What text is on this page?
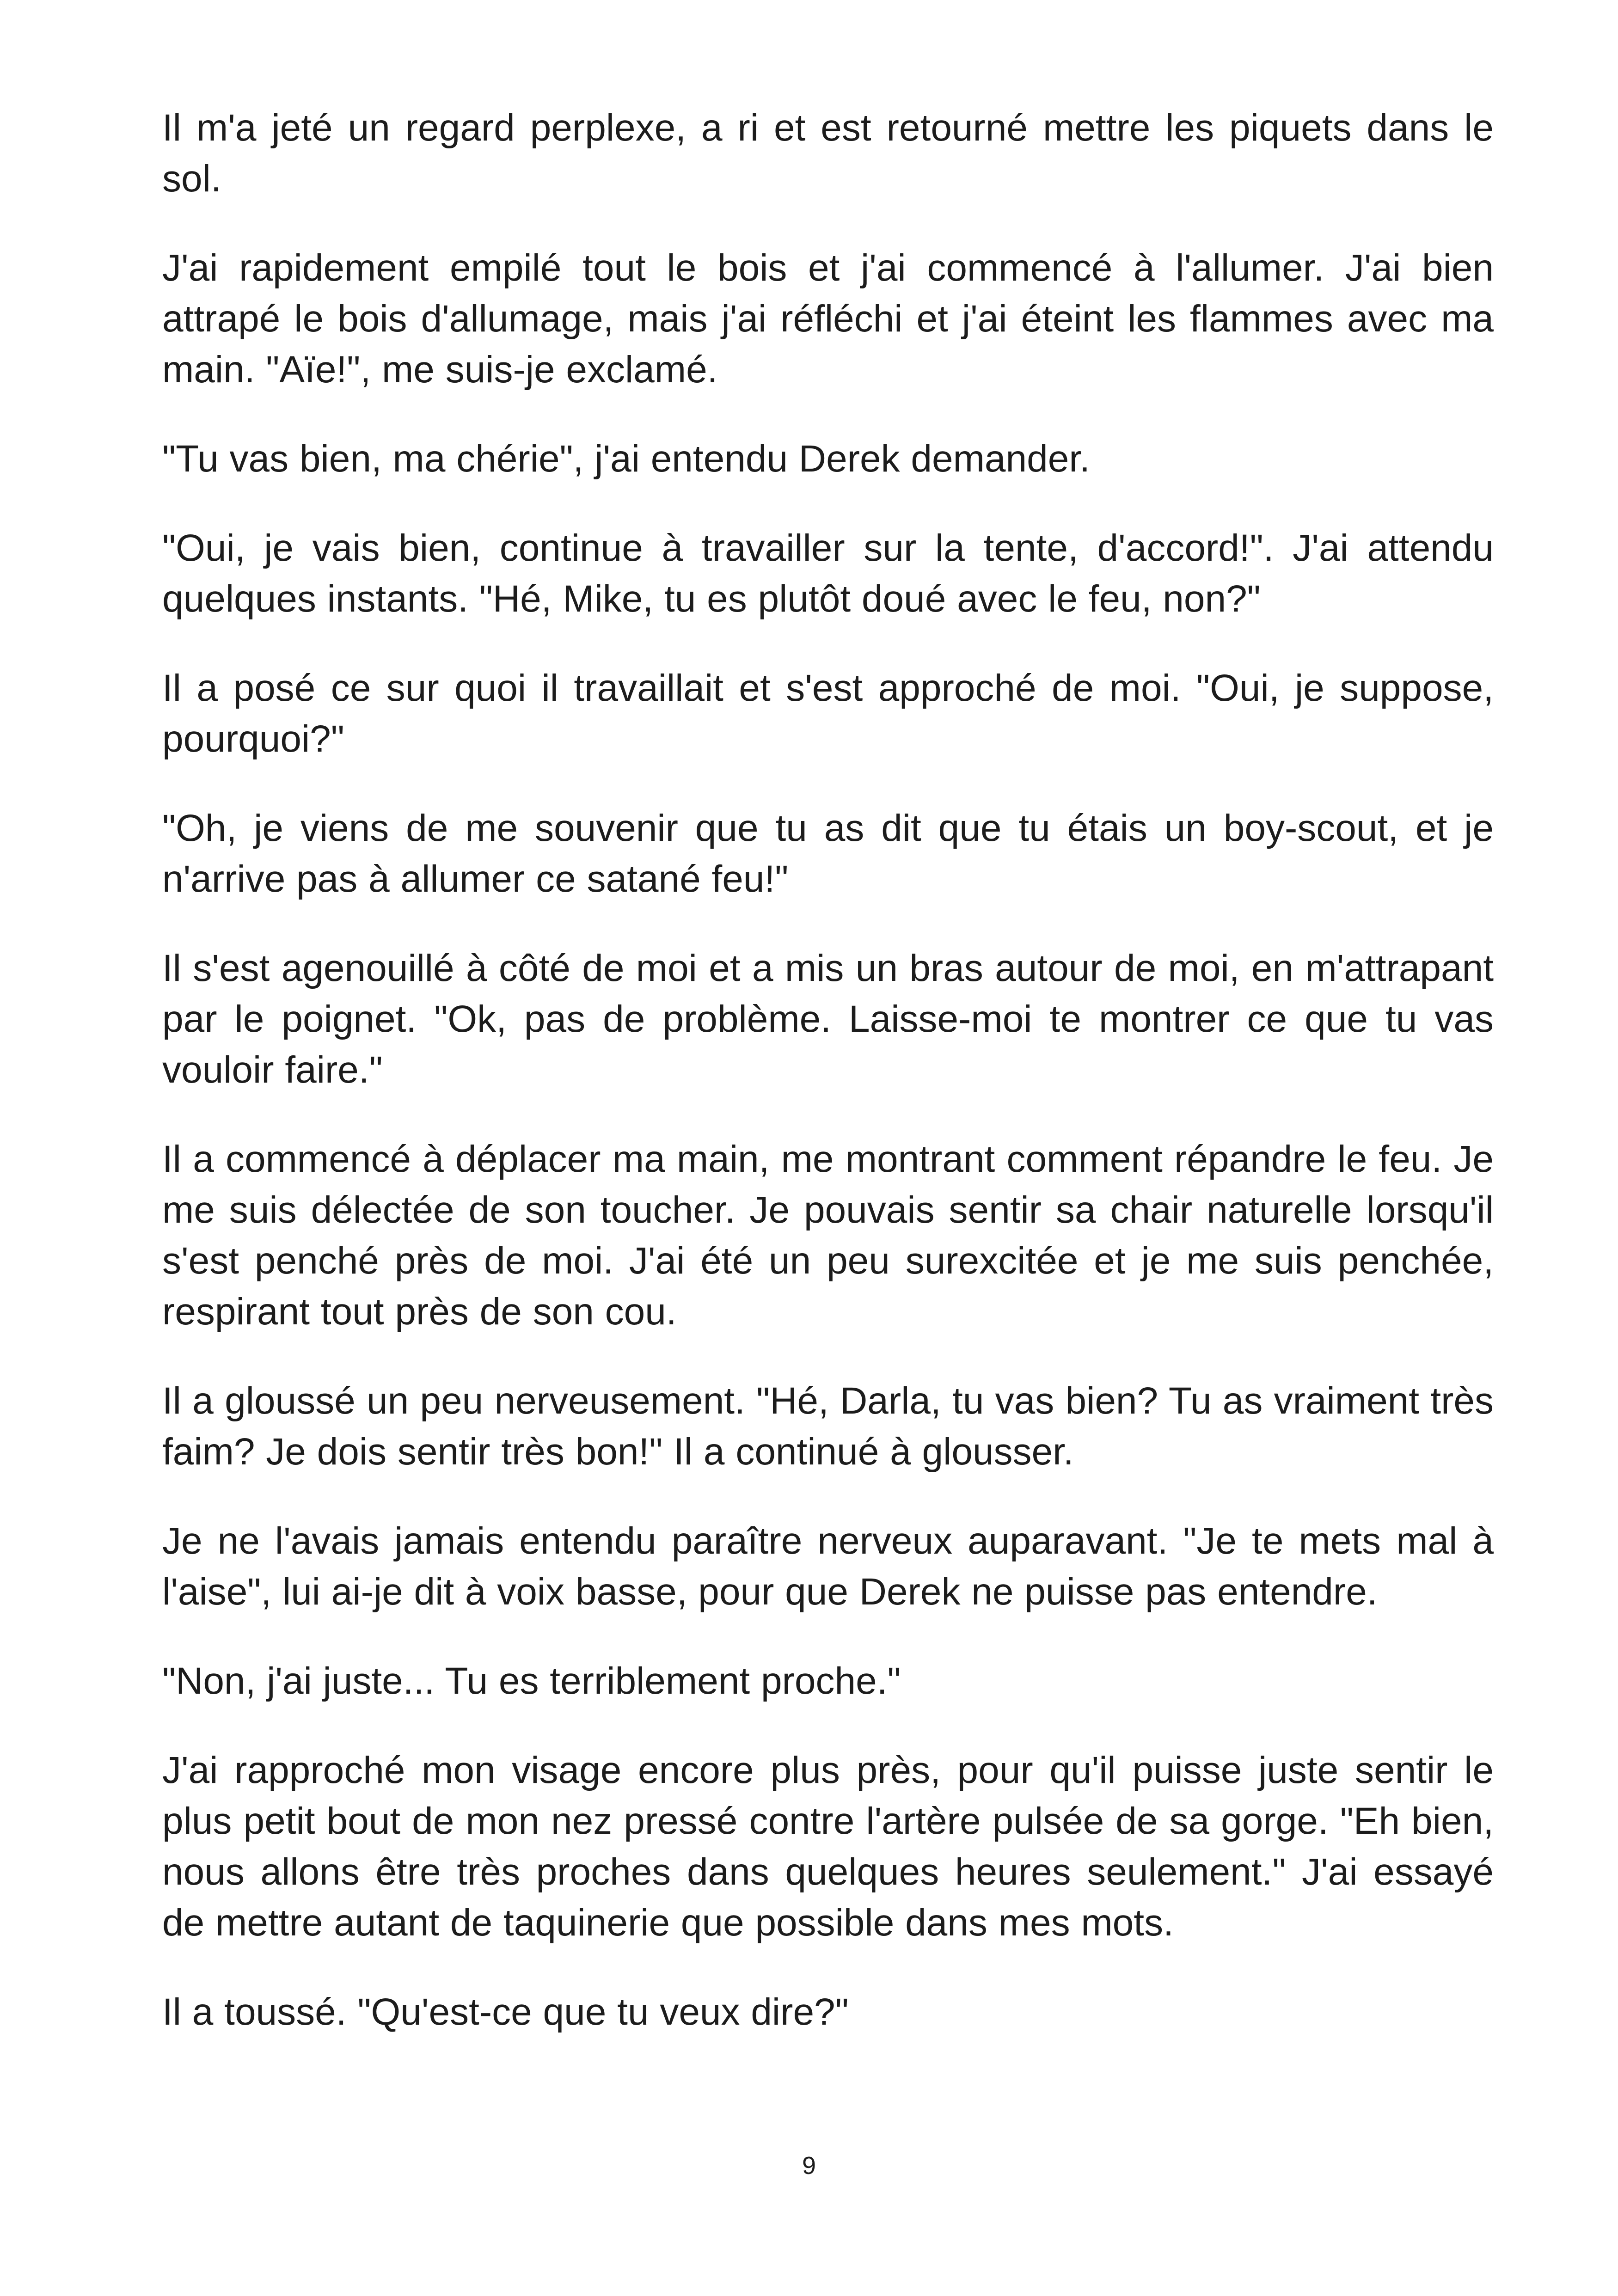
Il m'a jeté un regard perplexe, a ri et est retourné mettre les piquets dans le sol.

J'ai rapidement empilé tout le bois et j'ai commencé à l'allumer. J'ai bien attrapé le bois d'allumage, mais j'ai réfléchi et j'ai éteint les flammes avec ma main. "Aïe!", me suis-je exclamé.

"Tu vas bien, ma chérie", j'ai entendu Derek demander.

"Oui, je vais bien, continue à travailler sur la tente, d'accord!". J'ai attendu quelques instants. "Hé, Mike, tu es plutôt doué avec le feu, non?"

Il a posé ce sur quoi il travaillait et s'est approché de moi. "Oui, je suppose, pourquoi?"

"Oh, je viens de me souvenir que tu as dit que tu étais un boy-scout, et je n'arrive pas à allumer ce satané feu!"

Il s'est agenouillé à côté de moi et a mis un bras autour de moi, en m'attrapant par le poignet. "Ok, pas de problème. Laisse-moi te montrer ce que tu vas vouloir faire."

Il a commencé à déplacer ma main, me montrant comment répandre le feu. Je me suis délectée de son toucher. Je pouvais sentir sa chair naturelle lorsqu'il s'est penché près de moi. J'ai été un peu surexcitée et je me suis penchée, respirant tout près de son cou.

Il a gloussé un peu nerveusement. "Hé, Darla, tu vas bien? Tu as vraiment très faim? Je dois sentir très bon!" Il a continué à glousser.

Je ne l'avais jamais entendu paraître nerveux auparavant. "Je te mets mal à l'aise", lui ai-je dit à voix basse, pour que Derek ne puisse pas entendre.

"Non, j'ai juste... Tu es terriblement proche."

J'ai rapproché mon visage encore plus près, pour qu'il puisse juste sentir le plus petit bout de mon nez pressé contre l'artère pulsée de sa gorge. "Eh bien, nous allons être très proches dans quelques heures seulement." J'ai essayé de mettre autant de taquinerie que possible dans mes mots.

Il a toussé. "Qu'est-ce que tu veux dire?"

9
